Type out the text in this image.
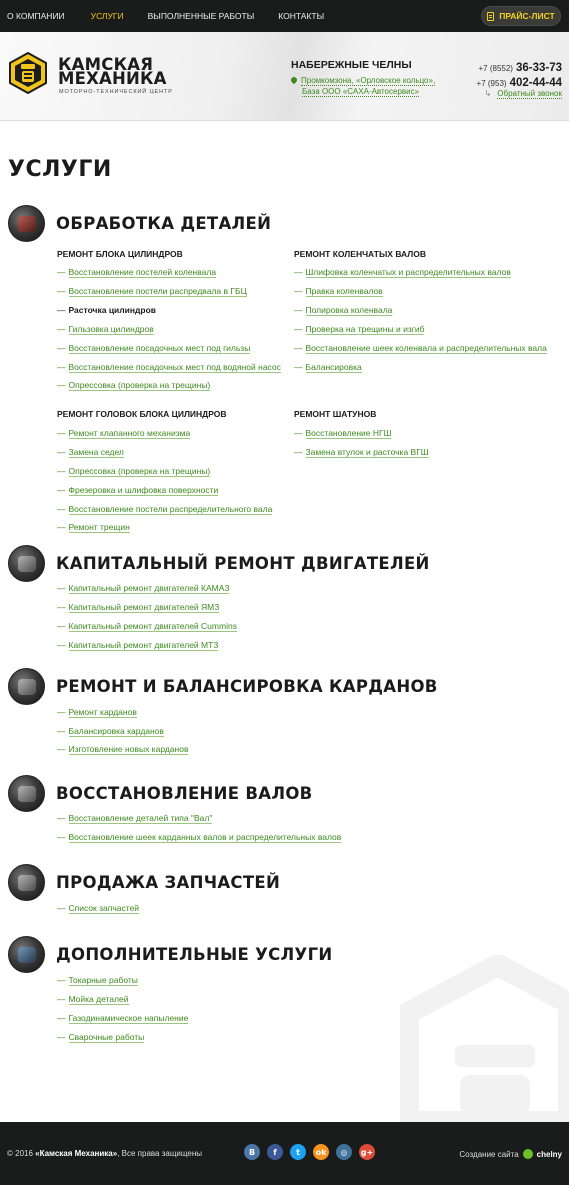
О КОМПАНИИ	УСЛУГИ	ВЫПОЛНЕННЫЕ РАБОТЫ	КОНТАКТЫ	ПРАЙС-ЛИСТ
КАМСКАЯ
МЕХАНИКА
МОТОРНО-ТЕХНИЧЕСКИЙ ЦЕНТР
НАБЕРЕЖНЫЕ ЧЕЛНЫ
Промкомзона, «Орловское кольцо»,
База ООО «САХА-Автосервис»
+7 (8552) 36-33-73
+7 (953) 402-44-44
↳ Обратный звонок
УСЛУГИ
ОБРАБОТКА ДЕТАЛЕЙ
РЕМОНТ БЛОКА ЦИЛИНДРОВ
— Восстановление постелей коленвала
— Восстановление постели распредвала в ГБЦ
— Расточка цилиндров
— Гильзовка цилиндров
— Восстановление посадочных мест под гильзы
— Восстановление посадочных мест под водяной насос
— Опрессовка (проверка на трещины)
РЕМОНТ КОЛЕНЧАТЫХ ВАЛОВ
— Шлифовка коленчатых и распределительных валов
— Правка коленвалов
— Полировка коленвала
— Проверка на трещины и изгиб
— Восстановление шеек коленвала и распределительных вала
— Балансировка
РЕМОНТ ГОЛОВОК БЛОКА ЦИЛИНДРОВ
— Ремонт клапанного механизма
— Замена седел
— Опрессовка (проверка на трещины)
— Фрезеровка и шлифовка поверхности
— Восстановление постели распределительного вала
— Ремонт трещин
РЕМОНТ ШАТУНОВ
— Восстановление НГШ
— Замена втулок и расточка ВГШ
КАПИТАЛЬНЫЙ РЕМОНТ ДВИГАТЕЛЕЙ
— Капитальный ремонт двигателей КАМАЗ
— Капитальный ремонт двигателей ЯМЗ
— Капитальный ремонт двигателей Cummins
— Капитальный ремонт двигателей МТЗ
РЕМОНТ И БАЛАНСИРОВКА КАРДАНОВ
— Ремонт карданов
— Балансировка карданов
— Изготовление новых карданов
ВОССТАНОВЛЕНИЕ ВАЛОВ
— Восстановление деталей типа "Вал"
— Восстановление шеек карданных валов и распределительных валов
ПРОДАЖА ЗАПЧАСТЕЙ
— Список запчастей
ДОПОЛНИТЕЛЬНЫЕ УСЛУГИ
— Токарные работы
— Мойка деталей
— Газодинамическое напыление
— Сварочные работы
© 2016 «Камская Механика», Все права защищены	В	f	t	ok	◎	g+	Создание сайта chelny
